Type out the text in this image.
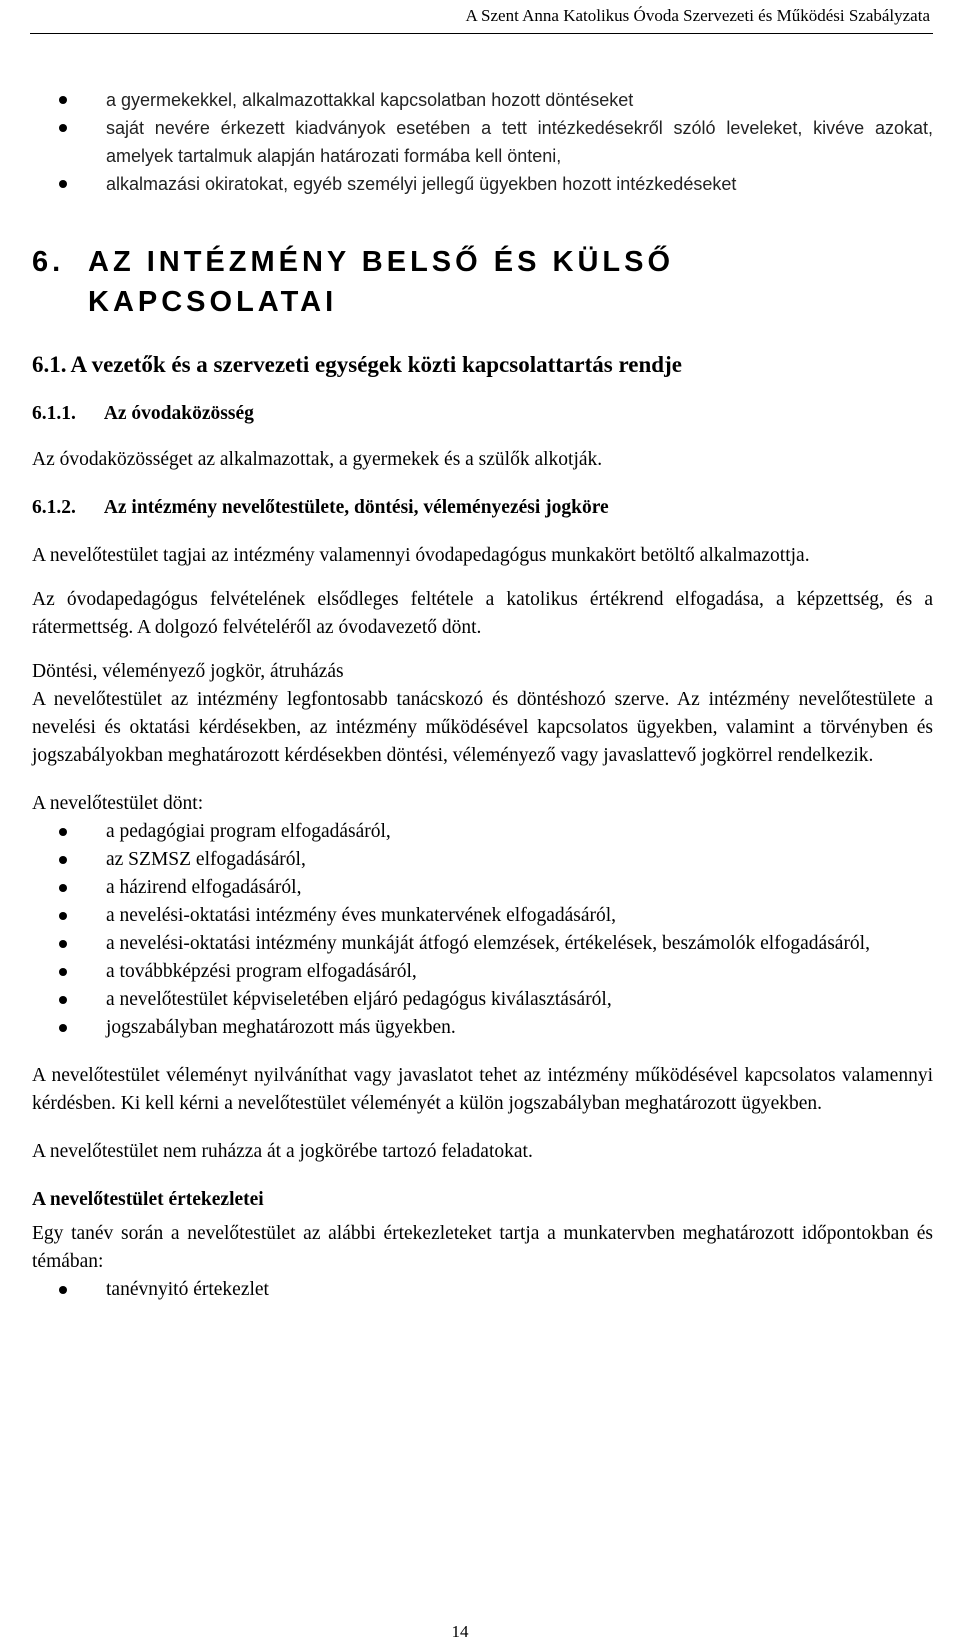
A Szent Anna Katolikus Óvoda Szervezeti és Működési Szabályzata
a gyermekekkel, alkalmazottakkal kapcsolatban hozott döntéseket
saját nevére érkezett kiadványok esetében a tett intézkedésekről szóló leveleket, kivéve azokat, amelyek tartalmuk alapján határozati formába kell önteni,
alkalmazási okiratokat, egyéb személyi jellegű ügyekben hozott intézkedéseket
6. AZ INTÉZMÉNY BELSŐ ÉS KÜLSŐ KAPCSOLATAI
6.1. A vezetők és a szervezeti egységek közti kapcsolattartás rendje
6.1.1. Az óvodaközösség

Az óvodaközösséget az alkalmazottak, a gyermekek és a szülők alkotják.

6.1.2. Az intézmény nevelőtestülete, döntési, véleményezési jogköre

A nevelőtestület tagjai az intézmény valamennyi óvodapedagógus munkakört betöltő alkalmazottja.

Az óvodapedagógus felvételének elsődleges feltétele a katolikus értékrend elfogadása, a képzettség, és a rátermettség. A dolgozó felvételéről az óvodavezető dönt.

Döntési, véleményező jogkör, átruházás

A nevelőtestület az intézmény legfontosabb tanácskozó és döntéshozó szerve. Az intézmény nevelőtestülete a nevelési és oktatási kérdésekben, az intézmény működésével kapcsolatos ügyekben, valamint a törvényben és jogszabályokban meghatározott kérdésekben döntési, véleményező vagy javaslattevő jogkörrel rendelkezik.

A nevelőtestület dönt:

a pedagógiai program elfogadásáról,
az SZMSZ elfogadásáról,
a házirend elfogadásáról,
a nevelési-oktatási intézmény éves munkatervének elfogadásáról,
a nevelési-oktatási intézmény munkáját átfogó elemzések, értékelések, beszámolók elfogadásáról,
a továbbképzési program elfogadásáról,
a nevelőtestület képviseletében eljáró pedagógus kiválasztásáról,
jogszabályban meghatározott más ügyekben.

A nevelőtestület véleményt nyilváníthat vagy javaslatot tehet az intézmény működésével kapcsolatos valamennyi kérdésben. Ki kell kérni a nevelőtestület véleményét a külön jogszabályban meghatározott ügyekben.

A nevelőtestület nem ruházza át a jogkörébe tartozó feladatokat.

A nevelőtestület értekezletei

Egy tanév során a nevelőtestület az alábbi értekezleteket tartja a munkatervben meghatározott időpontokban és témában:

tanévnyitó értekezlet
14
